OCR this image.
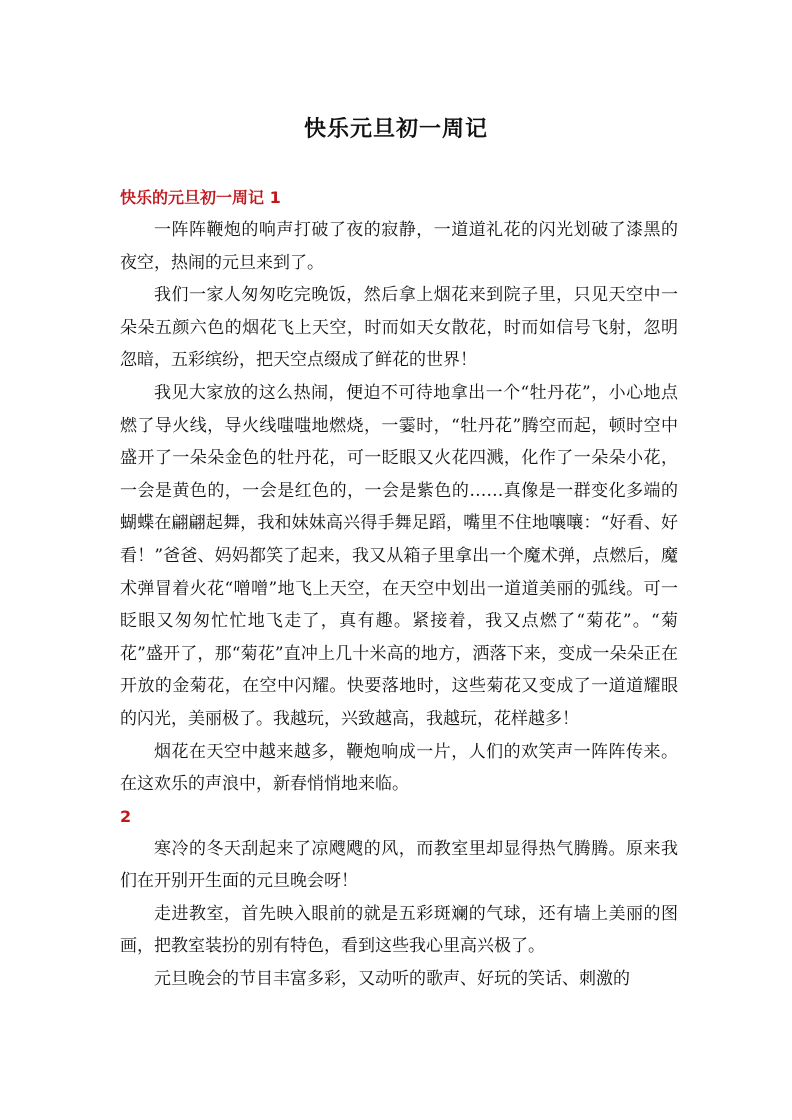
快乐元旦初一周记
快乐的元旦初一周记 1

一阵阵鞭炮的响声打破了夜的寂静，一道道礼花的闪光划破了漆黑的夜空，热闹的元旦来到了。

我们一家人匆匆吃完晚饭，然后拿上烟花来到院子里，只见天空中一朵朵五颜六色的烟花飞上天空，时而如天女散花，时而如信号飞射，忽明忽暗，五彩缤纷，把天空点缀成了鲜花的世界！

我见大家放的这么热闹，便迫不可待地拿出一个“牡丹花”，小心地点燃了导火线，导火线嗤嗤地燃烧，一霎时，“牡丹花”腾空而起，顿时空中盛开了一朵朵金色的牡丹花，可一眨眼又火花四溅，化作了一朵朵小花，一会是黄色的，一会是红色的，一会是紫色的……真像是一群变化多端的蝴蝶在翩翩起舞，我和妹妹高兴得手舞足蹈，嘴里不住地嚷嚷：“好看、好看！”爸爸、妈妈都笑了起来，我又从箱子里拿出一个魔术弹，点燃后，魔术弹冒着火花“噌噌”地飞上天空，在天空中划出一道道美丽的弧线。可一眨眼又匆匆忙忙地飞走了，真有趣。紧接着，我又点燃了“菊花”。“菊花”盛开了，那“菊花”直冲上几十米高的地方，洒落下来，变成一朵朵正在开放的金菊花，在空中闪耀。快要落地时，这些菊花又变成了一道道耀眼的闪光，美丽极了。我越玩，兴致越高，我越玩，花样越多！

烟花在天空中越来越多，鞭炮响成一片，人们的欢笑声一阵阵传来。在这欢乐的声浪中，新春悄悄地来临。

2

寒冷的冬天刮起来了凉飕飕的风，而教室里却显得热气腾腾。原来我们在开别开生面的元旦晚会呀！

走进教室，首先映入眼前的就是五彩斑斓的气球，还有墙上美丽的图画，把教室装扮的别有特色，看到这些我心里高兴极了。

元旦晚会的节目丰富多彩，又动听的歌声、好玩的笑话、刺激的
